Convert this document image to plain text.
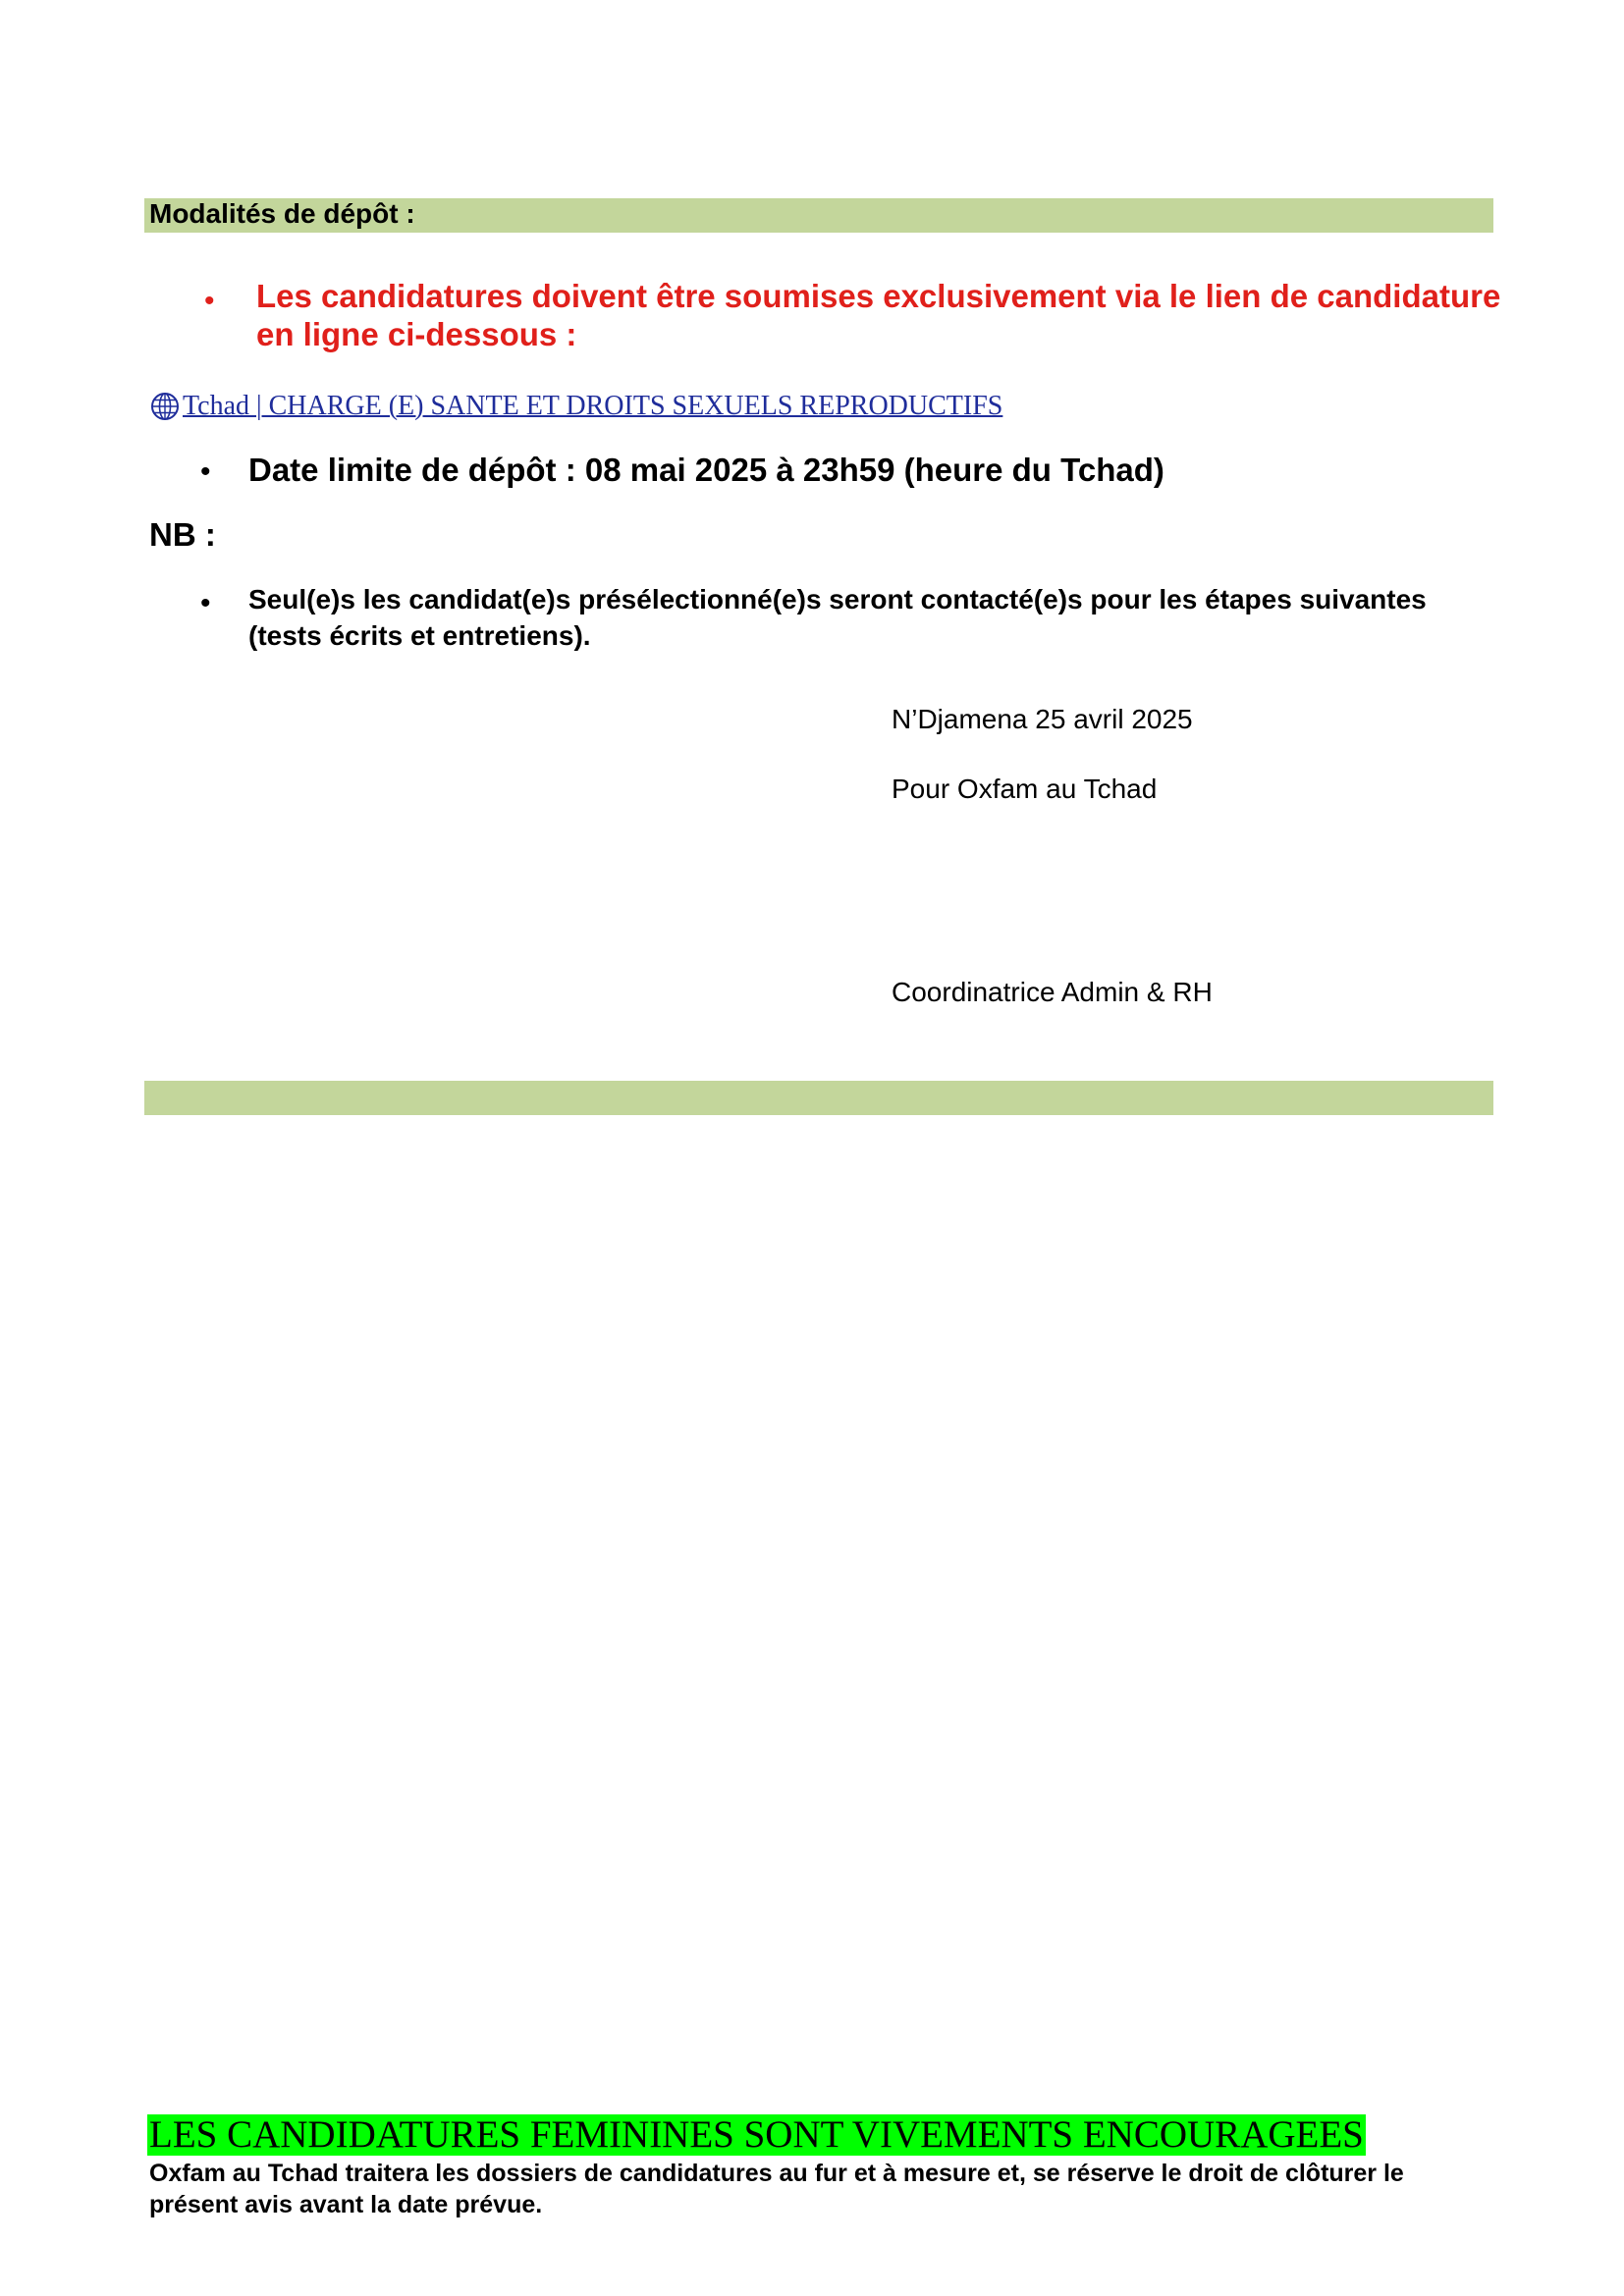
Modalités de dépôt :
• Les candidatures doivent être soumises exclusivement via le lien de candidature en ligne ci-dessous :
Tchad | CHARGE (E) SANTE ET DROITS SEXUELS REPRODUCTIFS
• Date limite de dépôt : 08 mai 2025 à 23h59 (heure du Tchad)
NB :
• Seul(e)s les candidat(e)s présélectionné(e)s seront contacté(e)s pour les étapes suivantes (tests écrits et entretiens).
N’Djamena 25 avril 2025
Pour Oxfam au Tchad
Coordinatrice Admin & RH
LES CANDIDATURES FEMININES SONT VIVEMENTS ENCOURAGEES
Oxfam au Tchad traitera les dossiers de candidatures au fur et à mesure et, se réserve le droit de clôturer le présent avis avant la date prévue.
